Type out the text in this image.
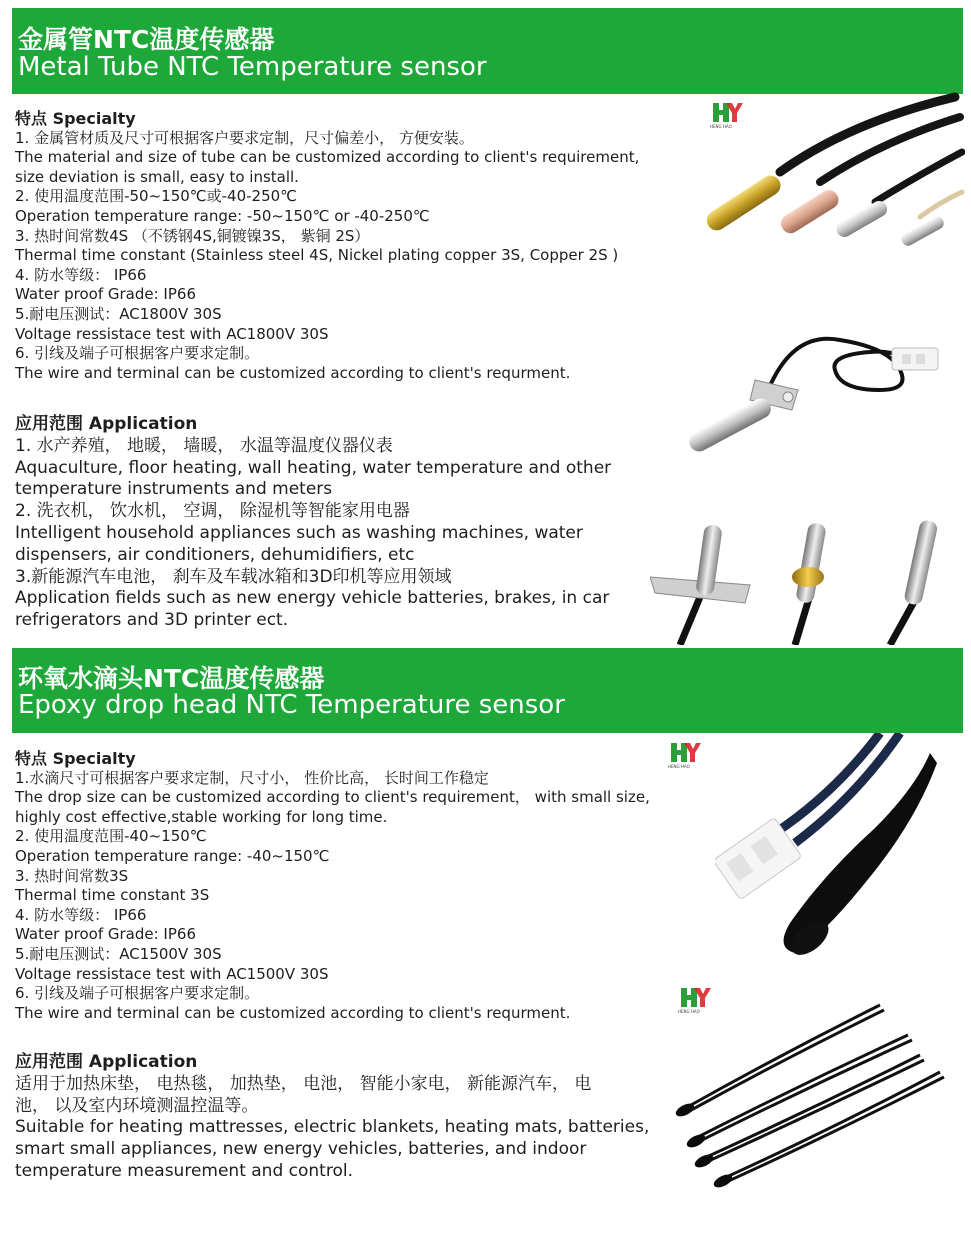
金属管NTC温度传感器
Metal Tube NTC Temperature sensor
特点 Specialty
1. 金属管材质及尺寸可根据客户要求定制，尺寸偏差小， 方便安装。
The material and size of tube can be customized according to client's requirement,
size deviation is small, easy to install.
2. 使用温度范围-50~150℃或-40-250℃
Operation temperature range: -50~150℃ or -40-250℃
3. 热时间常数4S （不锈钢4S,铜镀镍3S， 紫铜 2S）
Thermal time constant (Stainless steel 4S, Nickel plating copper 3S, Copper 2S )
4. 防水等级： IP66
Water proof Grade: IP66
5.耐电压测试：AC1800V 30S
Voltage ressistace test with AC1800V 30S
6. 引线及端子可根据客户要求定制。
The wire and terminal can be customized according to client's requrment.
应用范围 Application
1. 水产养殖， 地暖， 墙暖， 水温等温度仪器仪表
Aquaculture, floor heating, wall heating, water temperature and other
temperature instruments and meters
2. 洗衣机， 饮水机， 空调， 除湿机等智能家用电器
Intelligent household appliances such as washing machines, water
dispensers, air conditioners, dehumidifiers, etc
3.新能源汽车电池， 刹车及车载冰箱和3D印机等应用领域
Application fields such as new energy vehicle batteries, brakes, in car
refrigerators and 3D printer ect.
HENG HAO
环氧水滴头NTC温度传感器
Epoxy drop head NTC Temperature sensor
特点 Specialty
1.水滴尺寸可根据客户要求定制，尺寸小， 性价比高， 长时间工作稳定
The drop size can be customized according to client's requirement， with small size,
highly cost effective,stable working for long time.
2. 使用温度范围-40~150℃
Operation temperature range: -40~150℃
3. 热时间常数3S
Thermal time constant 3S
4. 防水等级： IP66
Water proof Grade: IP66
5.耐电压测试：AC1500V 30S
Voltage ressistace test with AC1500V 30S
6. 引线及端子可根据客户要求定制。
The wire and terminal can be customized according to client's requrment.
应用范围 Application
适用于加热床垫， 电热毯， 加热垫， 电池， 智能小家电， 新能源汽车， 电
池， 以及室内环境测温控温等。
Suitable for heating mattresses, electric blankets, heating mats, batteries,
smart small appliances, new energy vehicles, batteries, and indoor
temperature measurement and control.
HENG HAO
HENG HAO
